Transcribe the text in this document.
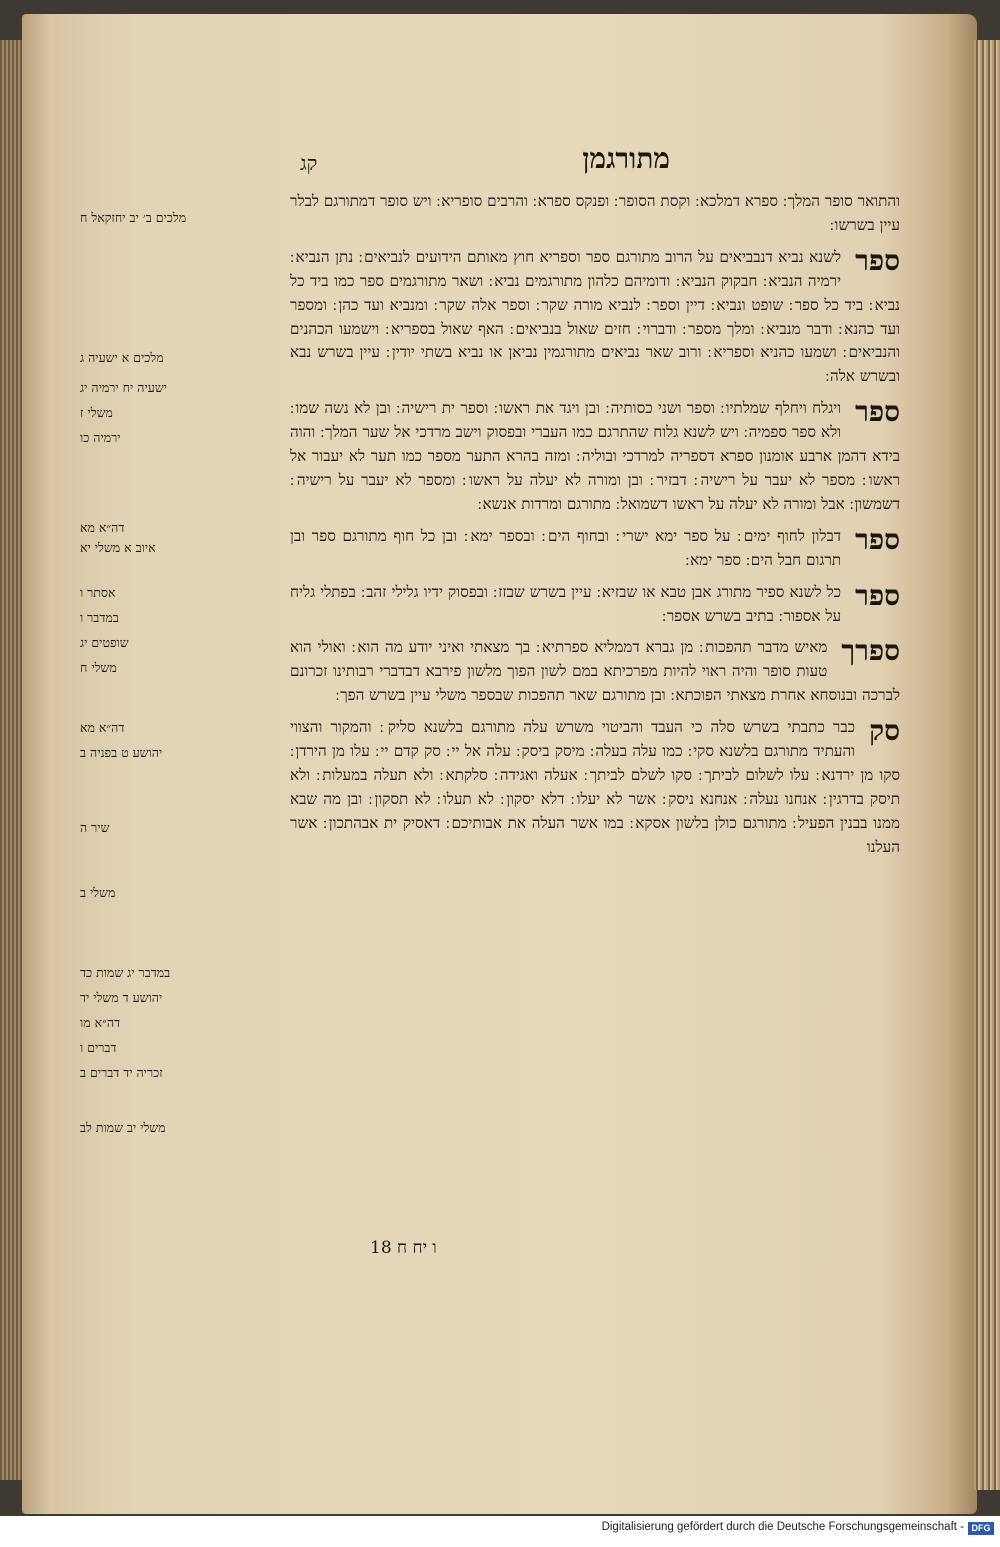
מתורגמן
קג
מלכים ב׳ יב יחזקאל ח
מלכים א ישעיה ג
ישעיה יח ירמיה יג
משלי ז
ירמיה כו
דה״א מא
איוב א משלי יא
אסתר ו
במדבר ו
שופטים יג
משלי ח
דה״א מא
יהושע ט בפניה ב
שיר ה
משלי ב
במדבר יג שמות כד
יהושע ד משלי יד
דה״א מו
דברים ו
זכריה יד דברים ב
משלי יב שמות לב
והתואר סופר המלך ׃ ספרא דמלכא ׃ וקסת הסופר ׃ ופנקס ספרא ׃ והרבים סופריא ׃ ויש סופר דמתורגם לבלר עיין בשרשו ׃
ספר
לשנא נביא דנבביאים על הרוב מתורגם ספר וספריא חוץ מאותם הידועים לנביאים ׃ נתן הנביא ׃ ירמיה הנביא ׃ חבקוק הנביא ׃ ודומיהם כלהון מתורגמים נביא ׃ ושאר מתורגמים ספר כמו ביד כל נביא ׃ ביד כל ספר ׃ שופט ונביא ׃ דיין וספר ׃ לנביא מורה שקר ׃ וספר אלה שקר ׃ ומנביא ועד כהן ׃ ומספר ועד כהנא ׃ ודבר מנביא ׃ ומלך מספר ׃ ודברוי ׃ חזים שאול בנביאים ׃ האף שאול בספריא ׃ וישמעו הכהנים והנביאים ׃ ושמעו כהניא וספריא ׃ ורוב שאר נביאים מתורגמין נביאן או נביא בשתי יודין ׃ עיין בשרש נבא ובשרש אלה ׃
ספר
ויגלח ויחלף שמלתיו ׃ וספר ושני כסותיה ׃ ובן ויגד את ראשו ׃ וספר ית רישיה ׃ ובן לא נשה שמו ׃ ולא ספר ספמיה ׃ ויש לשנא גלוח שהתרגם כמו העברי ובפסוק וישב מרדכי אל שער המלך ׃ והוה בידא דהמן ארבע אומנון ספרא דספריה למרדכי ובוליה ׃ ומזה בהרא התער מספר כמו תער לא יעבור אל ראשו ׃ מספר לא יעבר על רישיה ׃ דבזיר ׃ ובן ומורה לא יעלה על ראשו ׃ ומספר לא יעבר על רישיה ׃ דשמשון ׃ אבל ומורה לא יעלה על ראשו דשמואל ׃ מתורגם ומרדות אנשא ׃
ספר
דבלון לחוף ימים ׃ על ספר ימא ישרי ׃ ובחוף הים ׃ ובספר ימא ׃ ובן כל חוף מתורגם ספר ובן תרגום חבל הים ׃ ספר ימא ׃
ספר
כל לשנא ספיר מתורג אבן טבא או שבזיא ׃ עיין בשרש שבזז ׃ ובפסוק ידיו גלילי זהב ׃ בפתלי גליח על אספור ׃ בתיב בשרש אספר ׃
ספרך
מאיש מדבר תהפכות ׃ מן גברא דממליא ספרתיא ׃ בך מצאתי ואיני יודע מה הוא ׃ ואולי הוא טעות סופר והיה ראוי להיות מפרכיתא במם לשון הפוך מלשון פירבא דבדברי רבותינו זכרונם לברכה ובנוסחא אחרת מצאתי הפוכתא ׃ ובן מתורגם שאר תהפכות שבספר משלי עיין בשרש הפך ׃
סק
כבר כתבתי בשרש סלה כי העבד והביטוי משרש עלה מתורגם בלשנא סליק ׃ והמקור והצווי והעתיד מתורגם בלשנא סקי ׃ כמו עלה בעלה ׃ מיסק ביסק ׃ עלה אל יי ׃ סק קדם יי ׃ עלו מן הירדן ׃ סקו מן ירדנא ׃ עלו לשלום לביתך ׃ סקו לשלם לביתך ׃ אעלה ואגידה ׃ סלקתא ׃ ולא תעלה במעלות ׃ ולא תיסק בדרגין ׃ אנחנו נעלה ׃ אנחנא ניסק ׃ אשר לא יעלו ׃ דלא יסקון ׃ לא תעלו ׃ לא תסקון ׃ ובן מה שבא ממנו בבנין הפעיל ׃ מתורגם כולן בלשון אסקא ׃ במו אשר העלה את אבותיכם ׃ דאסיק ית אבהתכון ׃ אשר העלנו
18 ו יח ח
Digitalisierung gefördert durch die Deutsche Forschungsgemeinschaft - DFG
